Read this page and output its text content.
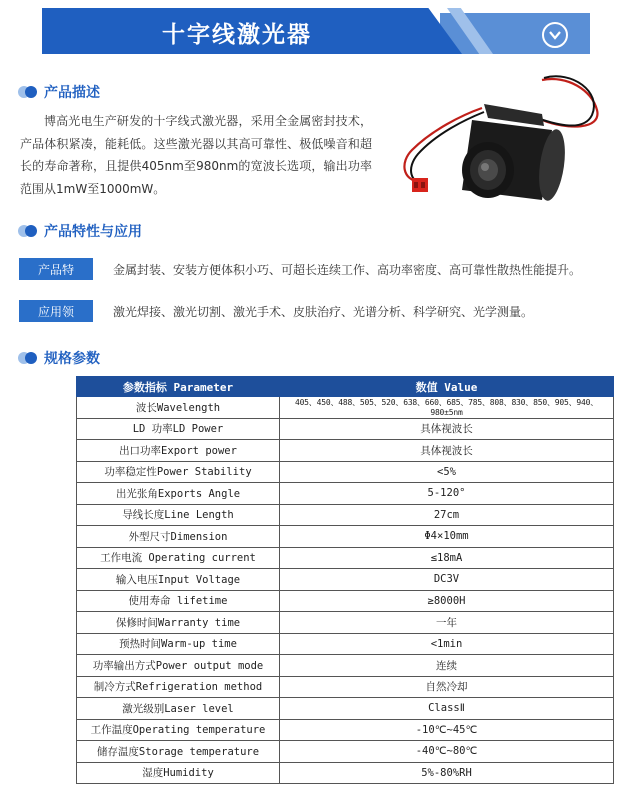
十字线激光器
产品描述

博高光电生产研发的十字线式激光器，采用全金属密封技术，产品体积紧凑，能耗低。这些激光器以其高可靠性、极低噪音和超长的寿命著称，且提供405nm至980nm的宽波长选项，输出功率范围从1mW至1000mW。

产品特性与应用
产品特点：
金属封装、安装方便体积小巧、可超长连续工作、高功率密度、高可靠性散热性能提升。
应用领域：
激光焊接、激光切割、激光手术、皮肤治疗、光谱分析、科学研究、光学测量。
规格参数
参数指标 Parameter	数值 Value
波长Wavelength	405、450、488、505、520、638、660、685、785、808、830、850、905、940、980±5nm
LD 功率LD Power	具体视波长
出口功率Export power	具体视波长
功率稳定性Power Stability	<5%
出光张角Exports Angle	5-120°
导线长度Line Length	27cm
外型尺寸Dimension	Φ4×10mm
工作电流 Operating current	≤18mA
输入电压Input Voltage	DC3V
使用寿命 lifetime	≥8000H
保修时间Warranty time	一年
预热时间Warm-up time	<1min
功率输出方式Power output mode	连续
制冷方式Refrigeration method	自然冷却
激光级别Laser level	ClassⅡ
工作温度Operating temperature	-10℃~45℃
储存温度Storage temperature	-40℃~80℃
湿度Humidity	5%-80%RH
